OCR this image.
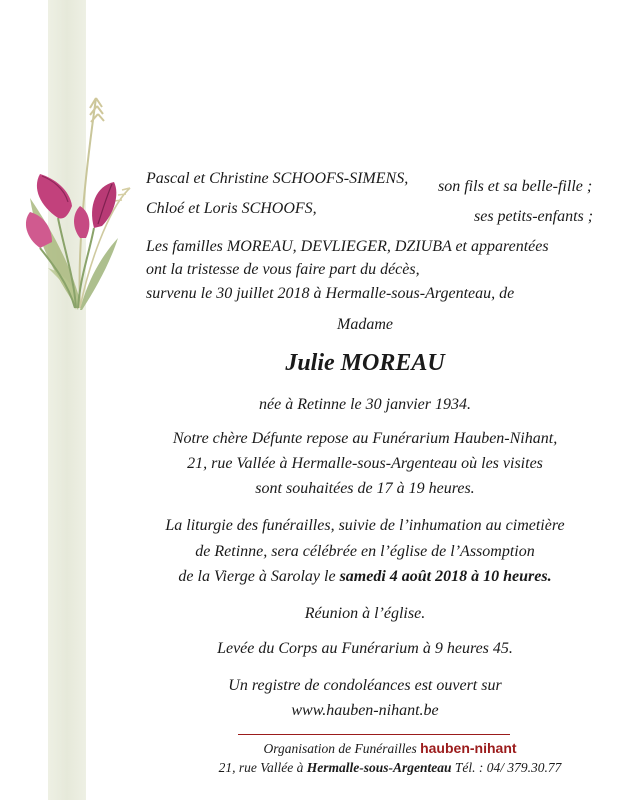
Pascal et Christine SCHOOFS-SIMENS, son fils et sa belle-fille ;
Chloé et Loris SCHOOFS,	ses petits-enfants ;
Les familles MOREAU, DEVLIEGER, DZIUBA et apparentées
ont la tristesse de vous faire part du décès,
survenu le 30 juillet 2018 à Hermalle-sous-Argenteau, de
Madame
Julie MOREAU
née à Retinne le 30 janvier 1934.
Notre chère Défunte repose au Funérarium Hauben-Nihant,
21, rue Vallée à Hermalle-sous-Argenteau où les visites
sont souhaitées de 17 à 19 heures.
La liturgie des funérailles, suivie de l’inhumation au cimetière
de Retinne, sera célébrée en l’église de l’Assomption
de la Vierge à Sarolay le samedi 4 août 2018 à 10 heures.
Réunion à l’église.
Levée du Corps au Funérarium à 9 heures 45.
Un registre de condoléances est ouvert sur
www.hauben-nihant.be
Organisation de Funérailles hauben-nihant
21, rue Vallée à Hermalle-sous-Argenteau Tél. : 04/ 379.30.77
